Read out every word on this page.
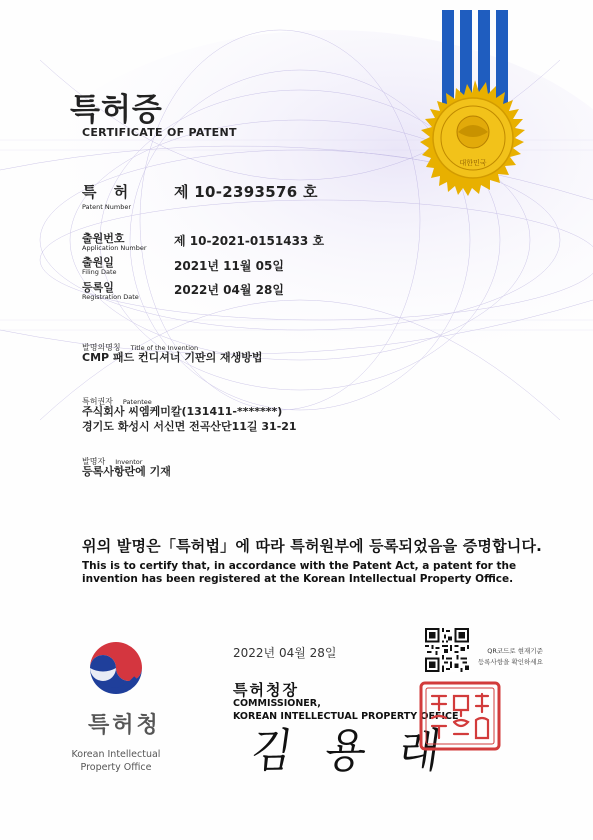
대한민국
특허증
CERTIFICATE OF PATENT
특 허
Patent Number
제 10-2393576 호
출원번호
Application Number 제 10-2021-0151433 호
출원일
Filing Date	2021년 11월 05일
등록일
Registration Date	2022년 04월 28일
발명의명칭 Title of the Invention
CMP 패드 컨디셔너 기판의 재생방법
특허권자 Patentee
주식회사 씨엠케미칼(131411-*******)
경기도 화성시 서신면 전곡산단11길 31-21
발명자 Inventor
등록사항란에 기재
위의 발명은「특허법」에 따라 특허원부에 등록되었음을 증명합니다.
This is to certify that, in accordance with the Patent Act, a patent for the invention has been registered at the Korean Intellectual Property Office.
2022년 04월 28일	QR코드로 현재기준
등록사항을 확인하세요
특허청장
COMMISSIONER,
KOREAN INTELLECTUAL PROPERTY OFFICE
김 용 래
특허청
Korean Intellectual
Property Office
